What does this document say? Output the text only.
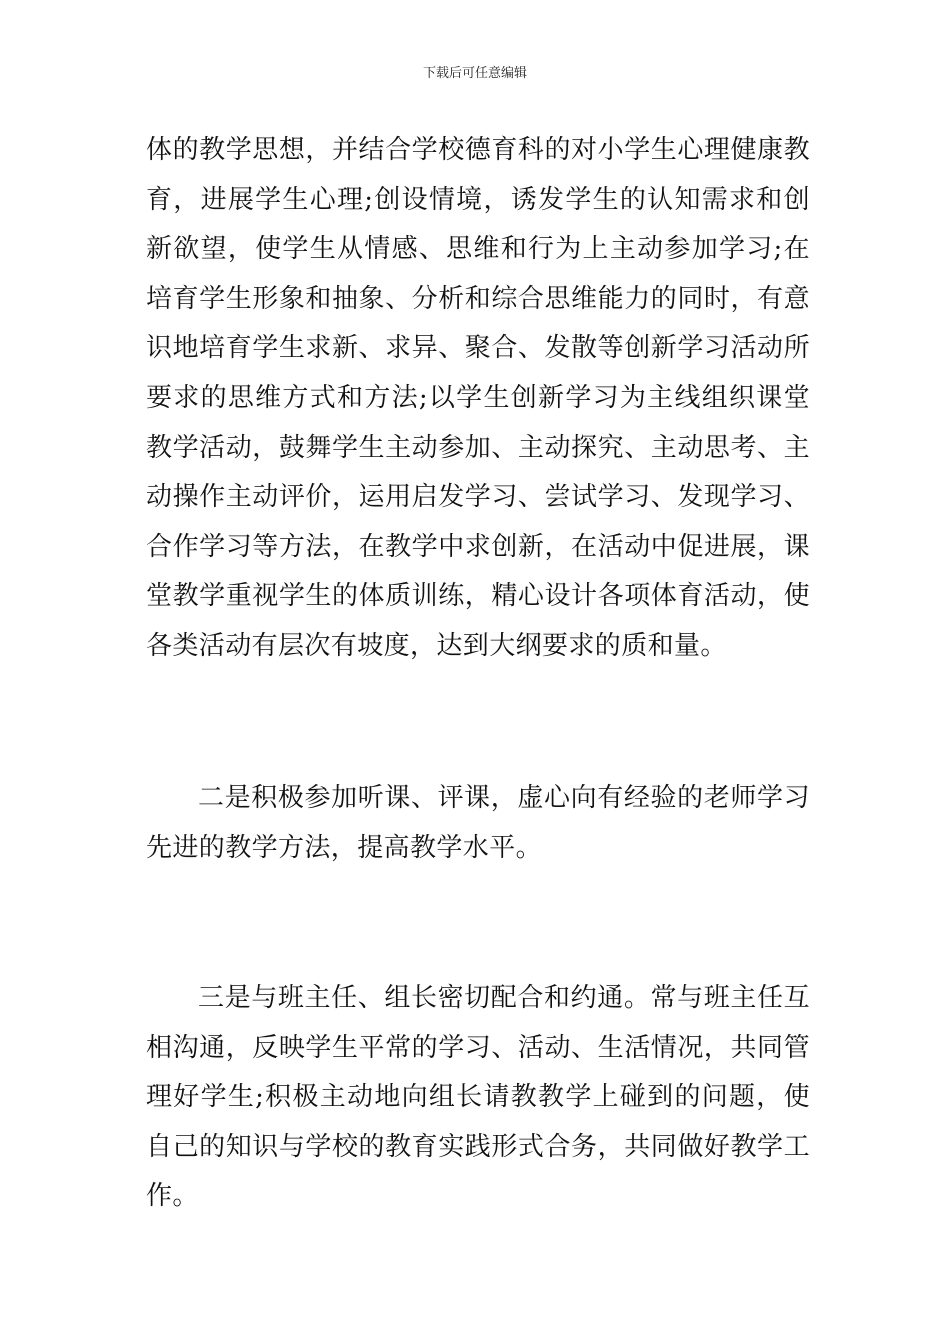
下载后可任意编辑

体的教学思想，并结合学校德育科的对小学生心理健康教育，进展学生心理;创设情境，诱发学生的认知需求和创新欲望，使学生从情感、思维和行为上主动参加学习;在培育学生形象和抽象、分析和综合思维能力的同时，有意识地培育学生求新、求异、聚合、发散等创新学习活动所要求的思维方式和方法;以学生创新学习为主线组织课堂教学活动，鼓舞学生主动参加、主动探究、主动思考、主动操作主动评价，运用启发学习、尝试学习、发现学习、合作学习等方法，在教学中求创新，在活动中促进展，课堂教学重视学生的体质训练，精心设计各项体育活动，使各类活动有层次有坡度，达到大纲要求的质和量。

二是积极参加听课、评课，虚心向有经验的老师学习先进的教学方法，提高教学水平。

三是与班主任、组长密切配合和约通。常与班主任互相沟通，反映学生平常的学习、活动、生活情况，共同管理好学生;积极主动地向组长请教教学上碰到的问题，使自己的知识与学校的教育实践形式合务，共同做好教学工作。
